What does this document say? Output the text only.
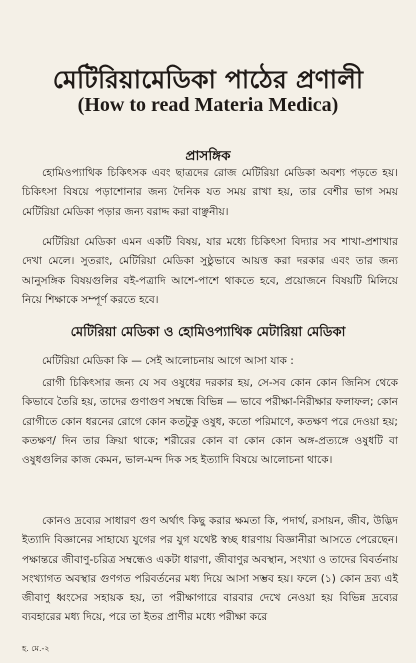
মেটিরিয়ামেডিকা পাঠের প্রণালী
(How to read Materia Medica)
প্রাসঙ্গিক

হোমিওপ্যাথিক চিকিৎসক এবং ছাত্রদের রোজ মেটিরিয়া মেডিকা অবশ্য পড়তে হয়। চিকিৎসা বিষয়ে পড়াশোনার জন্য দৈনিক যত সময় রাখা হয়, তার বেশীর ভাগ সময় মেটিরিয়া মেডিকা পড়ার জন্য বরাদ্দ করা বাঞ্ছনীয়।

মেটিরিয়া মেডিকা এমন একটি বিষয়, যার মধ্যে চিকিৎসা বিদ্যার সব শাখা-প্রশাখার দেখা মেলে। সুতরাং, মেটিরিয়া মেডিকা সুষ্ঠুভাবে আয়ত্ত করা দরকার এবং তার জন্য আনুসঙ্গিক বিষয়গুলির বই-পত্রাদি আশে-পাশে থাকতে হবে, প্রয়োজনে বিষয়টি মিলিয়ে নিয়ে শিক্ষাকে সম্পূর্ণ করতে হবে।

মেটিরিয়া মেডিকা ও হোমিওপ্যাথিক মেটারিয়া মেডিকা
মেটিরিয়া মেডিকা কি — সেই আলোচনায় আগে আসা যাক :

রোগী চিকিৎসার জন্য যে সব ওষুধের দরকার হয়, সে-সব কোন কোন জিনিস থেকে কিভাবে তৈরি হয়, তাদের গুণাগুণ সম্বন্ধে বিভিন্ন — ভাবে পরীক্ষা-নিরীক্ষার ফলাফল; কোন রোগীতে কোন ধরনের রোগে কোন কতটুকু ওষুধ, কতো পরিমাণে, কতক্ষণ পরে দেওয়া হয়; কতক্ষণ/ দিন তার ক্রিয়া থাকে; শরীরের কোন বা কোন কোন অঙ্গ-প্রত্যঙ্গে ওষুধটি বা ওষুধগুলির কাজ কেমন, ভাল-মন্দ দিক সহ ইত্যাদি বিষয়ে আলোচনা থাকে।

কোনও দ্রব্যের সাধারণ গুণ অর্থাৎ কিছু করার ক্ষমতা কি, পদার্থ, রসায়ন, জীব, উদ্ভিদ ইত্যাদি বিজ্ঞানের সাহায্যে যুগের পর যুগ যথেষ্ট স্বচ্ছ ধারণায় বিজ্ঞানীরা আসতে পেরেছেন। পক্ষান্তরে জীবাণু-চরিত্র সম্বন্ধেও একটা ধারণা, জীবাণুর অবস্থান, সংখ্যা ও তাদের বিবর্তনায় সংখ্যাগত অবস্থার গুণগত পরিবর্তনের মধ্য দিয়ে আসা সম্ভব হয়। ফলে (১) কোন দ্রব্য এই জীবাণু ধ্বংসের সহায়ক হয়, তা পরীক্ষাগারে বারবার দেখে নেওয়া হয় বিভিন্ন দ্রব্যের ব্যবহারের মধ্য দিয়ে, পরে তা ইতর প্রাণীর মধ্যে পরীক্ষা করে

হ. মে.-২
